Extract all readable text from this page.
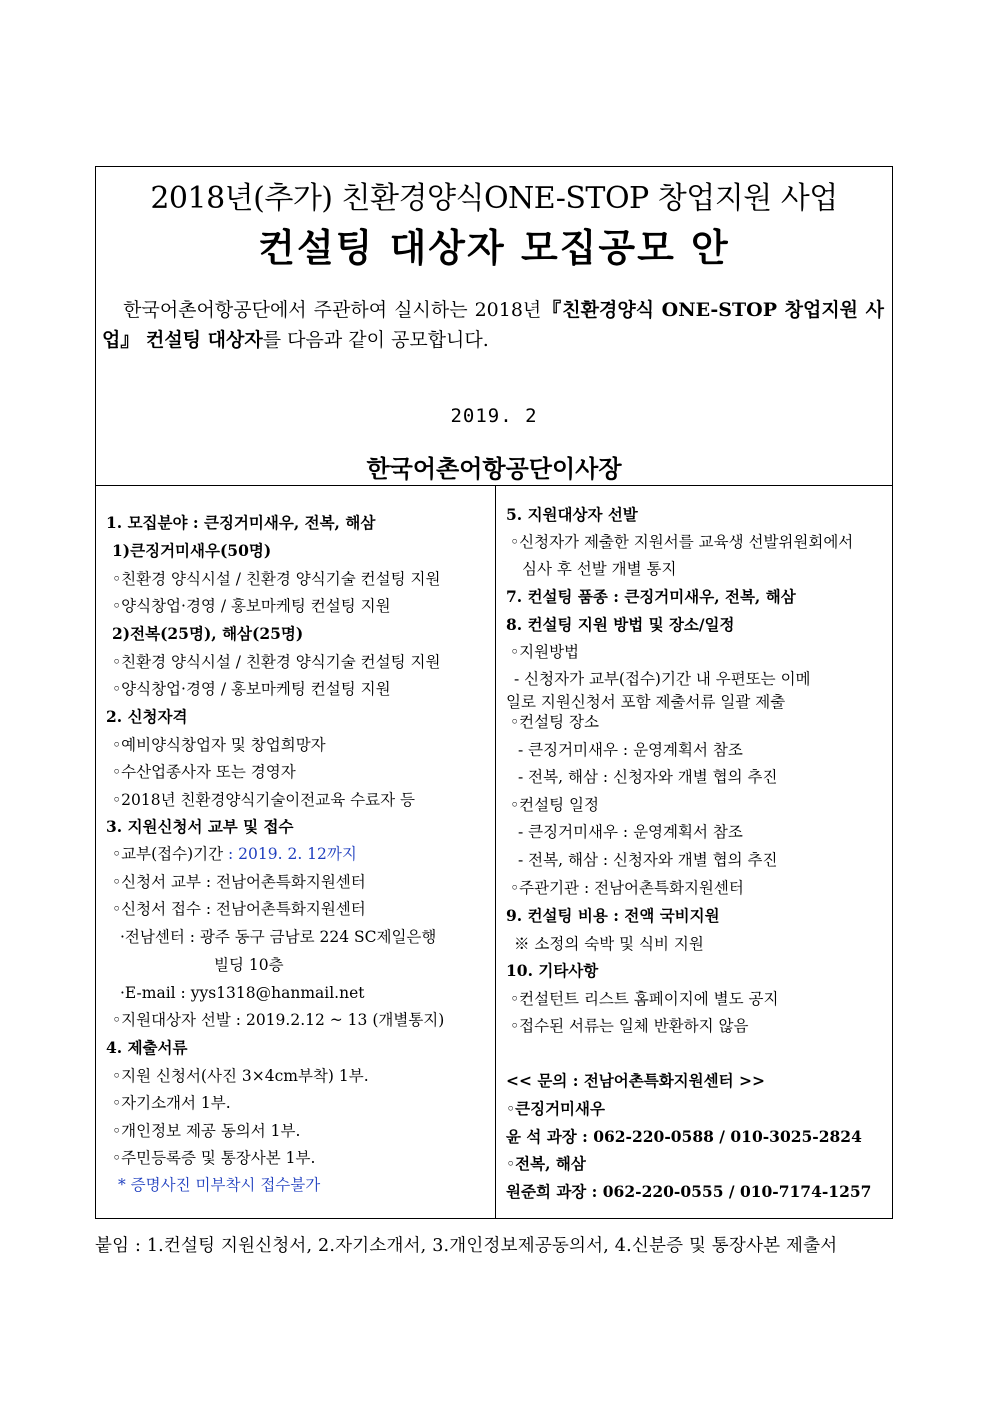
2018년(추가) 친환경양식ONE-STOP 창업지원 사업
컨설팅 대상자 모집공모 안
한국어촌어항공단에서 주관하여 실시하는 2018년『친환경양식 ONE-STOP 창업지원 사업』 컨설팅 대상자를 다음과 같이 공모합니다.
2019. 2
한국어촌어항공단이사장
1. 모집분야 : 큰징거미새우, 전복, 해삼
1)큰징거미새우(50명)
◦친환경 양식시설 / 친환경 양식기술 컨설팅 지원
◦양식창업·경영 / 홍보마케팅 컨설팅 지원
2)전복(25명), 해삼(25명)
◦친환경 양식시설 / 친환경 양식기술 컨설팅 지원
◦양식창업·경영 / 홍보마케팅 컨설팅 지원
2. 신청자격
◦예비양식창업자 및 창업희망자
◦수산업종사자 또는 경영자
◦2018년 친환경양식기술이전교육 수료자 등
3. 지원신청서 교부 및 접수
◦교부(접수)기간 : 2019. 2. 12까지
◦신청서 교부 : 전남어촌특화지원센터
◦신청서 접수 : 전남어촌특화지원센터
·전남센터 : 광주 동구 금남로 224 SC제일은행
빌딩 10층
·E-mail : yys1318@hanmail.net
◦지원대상자 선발 : 2019.2.12 ~ 13 (개별통지)
4. 제출서류
◦지원 신청서(사진 3×4cm부착) 1부.
◦자기소개서 1부.
◦개인정보 제공 동의서 1부.
◦주민등록증 및 통장사본 1부.
* 증명사진 미부착시 접수불가
5. 지원대상자 선발
◦신청자가 제출한 지원서를 교육생 선발위원회에서
심사 후 선발 개별 통지
7. 컨설팅 품종 : 큰징거미새우, 전복, 해삼
8. 컨설팅 지원 방법 및 장소/일정
◦지원방법
- 신청자가 교부(접수)기간 내 우편또는 이메
일로 지원신청서 포함 제출서류 일괄 제출
◦컨설팅 장소
- 큰징거미새우 : 운영계획서 참조
- 전복, 해삼 : 신청자와 개별 협의 추진
◦컨설팅 일정
- 큰징거미새우 : 운영계획서 참조
- 전복, 해삼 : 신청자와 개별 협의 추진
◦주관기관 : 전남어촌특화지원센터
9. 컨설팅 비용 : 전액 국비지원
※ 소정의 숙박 및 식비 지원
10. 기타사항
◦컨설턴트 리스트 홈페이지에 별도 공지
◦접수된 서류는 일체 반환하지 않음
<< 문의 : 전남어촌특화지원센터 >>
◦큰징거미새우
윤 석 과장 : 062-220-0588 / 010-3025-2824
◦전복, 해삼
원준희 과장 : 062-220-0555 / 010-7174-1257
붙임 : 1.컨설팅 지원신청서, 2.자기소개서, 3.개인정보제공동의서, 4.신분증 및 통장사본 제출서
